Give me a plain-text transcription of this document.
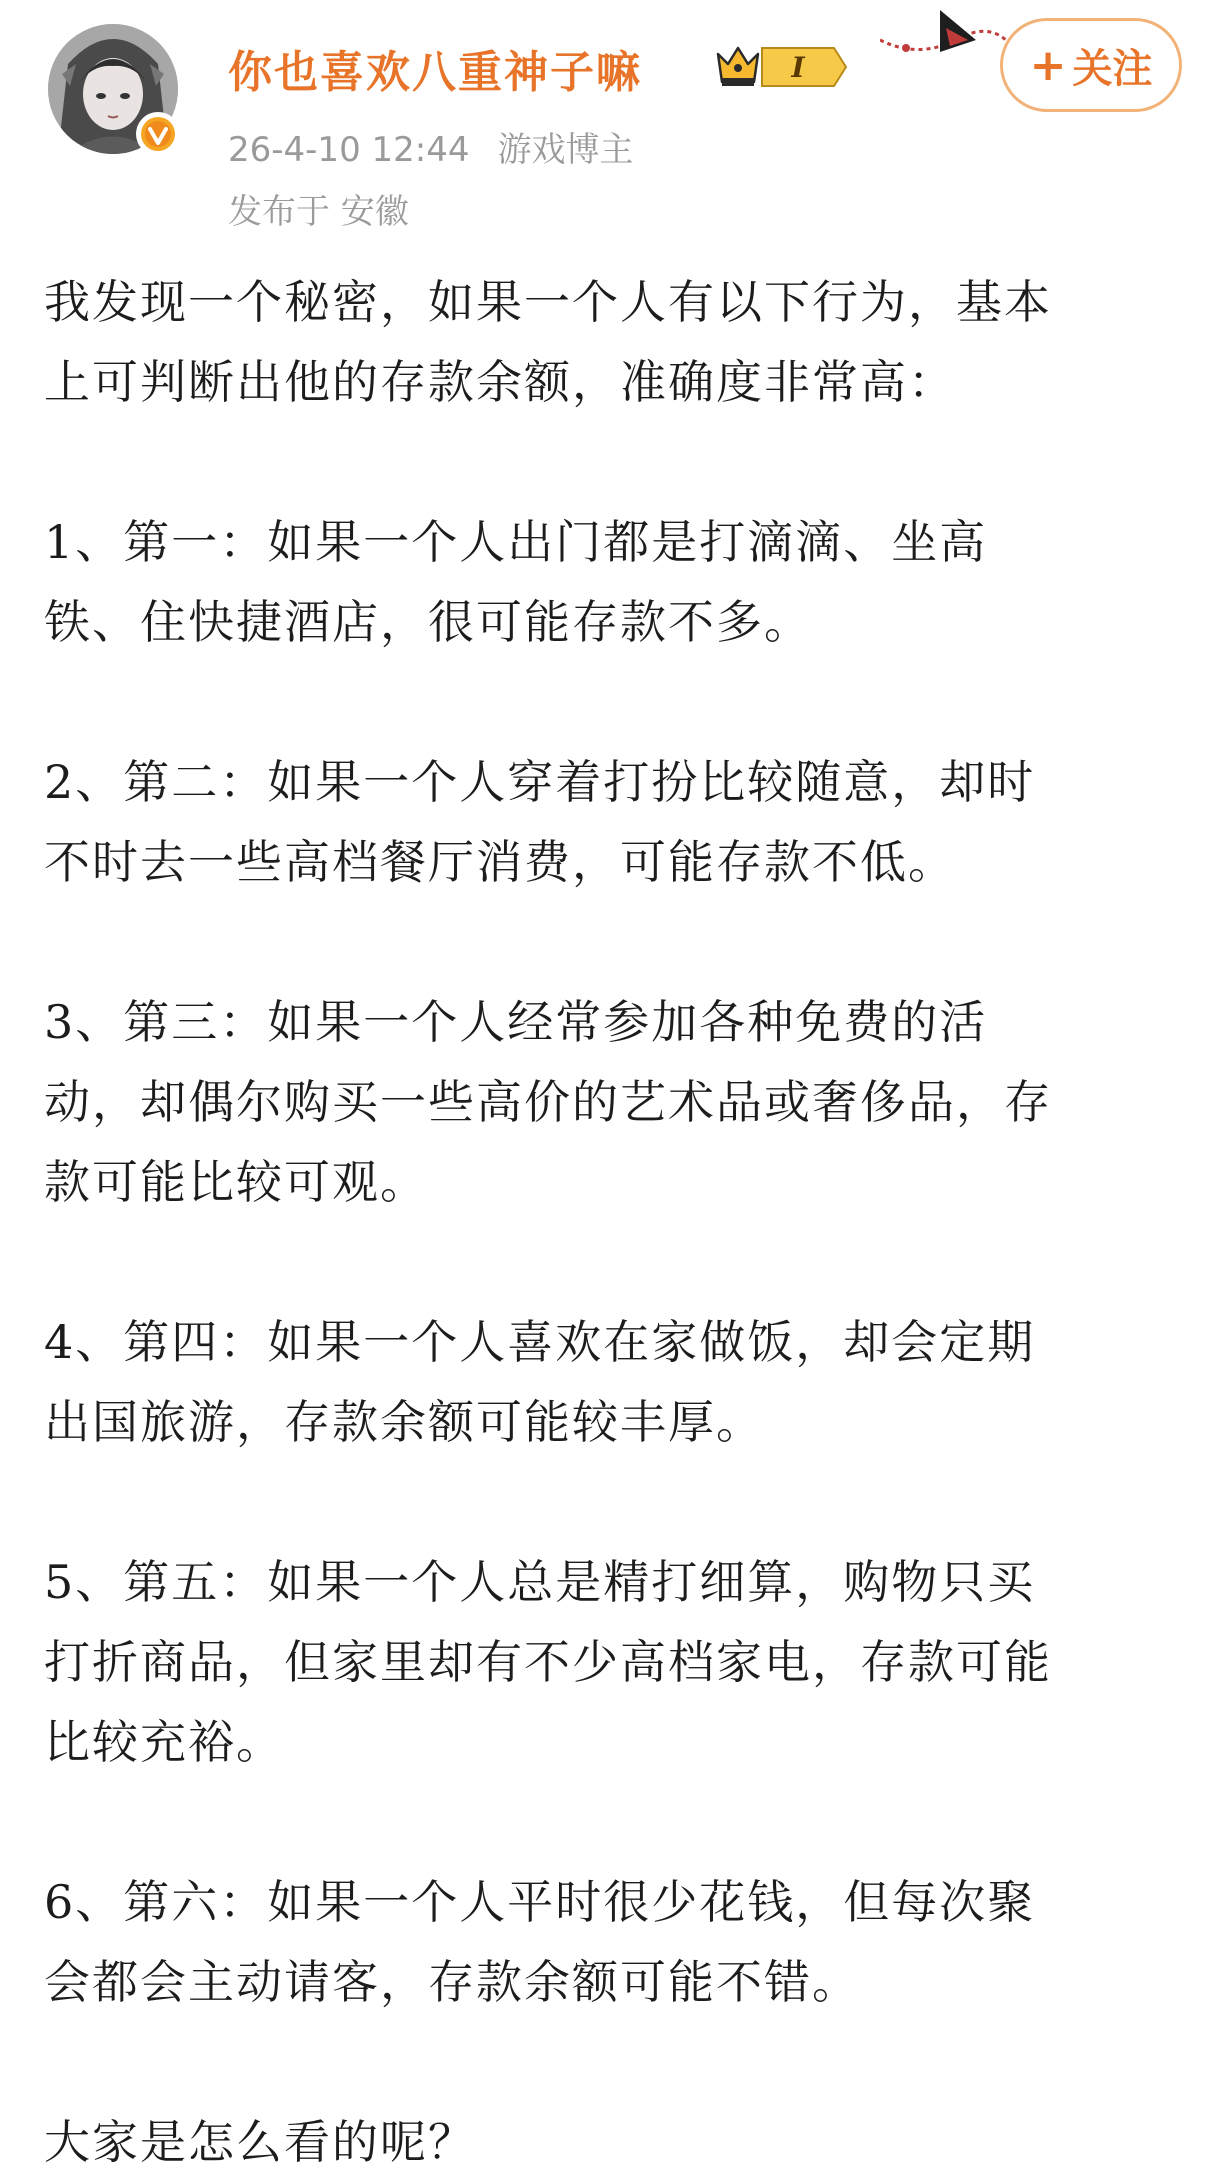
你也喜欢八重神子嘛	I	+ 关注
26-4-10 12:44 游戏博主
发布于 安徽

我发现一个秘密，如果一个人有以下行为，基本
上可判断出他的存款余额，准确度非常高：

1、第一：如果一个人出门都是打滴滴、坐高
铁、住快捷酒店，很可能存款不多。

2、第二：如果一个人穿着打扮比较随意，却时
不时去一些高档餐厅消费，可能存款不低。

3、第三：如果一个人经常参加各种免费的活
动，却偶尔购买一些高价的艺术品或奢侈品，存
款可能比较可观。

4、第四：如果一个人喜欢在家做饭，却会定期
出国旅游，存款余额可能较丰厚。

5、第五：如果一个人总是精打细算，购物只买
打折商品，但家里却有不少高档家电，存款可能
比较充裕。

6、第六：如果一个人平时很少花钱，但每次聚
会都会主动请客，存款余额可能不错。

大家是怎么看的呢？
